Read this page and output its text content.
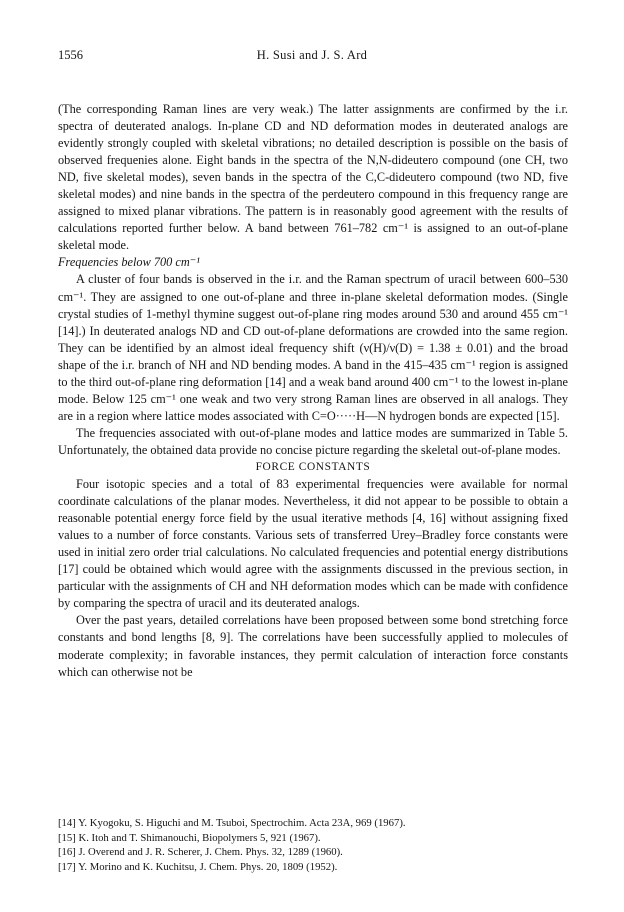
1556	H. Susi and J. S. Ard

(The corresponding Raman lines are very weak.) The latter assignments are confirmed by the i.r. spectra of deuterated analogs. In-plane CD and ND deformation modes in deuterated analogs are evidently strongly coupled with skeletal vibrations; no detailed description is possible on the basis of observed frequenies alone. Eight bands in the spectra of the N,N-dideutero compound (one CH, two ND, five skeletal modes), seven bands in the spectra of the C,C-dideutero compound (two ND, five skeletal modes) and nine bands in the spectra of the perdeutero compound in this frequency range are assigned to mixed planar vibrations. The pattern is in reasonably good agreement with the results of calculations reported further below. A band between 761–782 cm⁻¹ is assigned to an out-of-plane skeletal mode.

Frequencies below 700 cm⁻¹

A cluster of four bands is observed in the i.r. and the Raman spectrum of uracil between 600–530 cm⁻¹. They are assigned to one out-of-plane and three in-plane skeletal deformation modes. (Single crystal studies of 1-methyl thymine suggest out-of-plane ring modes around 530 and around 455 cm⁻¹ [14].) In deuterated analogs ND and CD out-of-plane deformations are crowded into the same region. They can be identified by an almost ideal frequency shift (ν(H)/ν(D) = 1.38 ± 0.01) and the broad shape of the i.r. branch of NH and ND bending modes. A band in the 415–435 cm⁻¹ region is assigned to the third out-of-plane ring deformation [14] and a weak band around 400 cm⁻¹ to the lowest in-plane mode. Below 125 cm⁻¹ one weak and two very strong Raman lines are observed in all analogs. They are in a region where lattice modes associated with C=O·····H—N hydrogen bonds are expected [15].

The frequencies associated with out-of-plane modes and lattice modes are summarized in Table 5. Unfortunately, the obtained data provide no concise picture regarding the skeletal out-of-plane modes.

FORCE CONSTANTS

Four isotopic species and a total of 83 experimental frequencies were available for normal coordinate calculations of the planar modes. Nevertheless, it did not appear to be possible to obtain a reasonable potential energy force field by the usual iterative methods [4, 16] without assigning fixed values to a number of force constants. Various sets of transferred Urey–Bradley force constants were used in initial zero order trial calculations. No calculated frequencies and potential energy distributions [17] could be obtained which would agree with the assignments discussed in the previous section, in particular with the assignments of CH and NH deformation modes which can be made with confidence by comparing the spectra of uracil and its deuterated analogs.

Over the past years, detailed correlations have been proposed between some bond stretching force constants and bond lengths [8, 9]. The correlations have been successfully applied to molecules of moderate complexity; in favorable instances, they permit calculation of interaction force constants which can otherwise not be

[14] Y. Kyogoku, S. Higuchi and M. Tsuboi, Spectrochim. Acta 23A, 969 (1967).
[15] K. Itoh and T. Shimanouchi, Biopolymers 5, 921 (1967).
[16] J. Overend and J. R. Scherer, J. Chem. Phys. 32, 1289 (1960).
[17] Y. Morino and K. Kuchitsu, J. Chem. Phys. 20, 1809 (1952).
